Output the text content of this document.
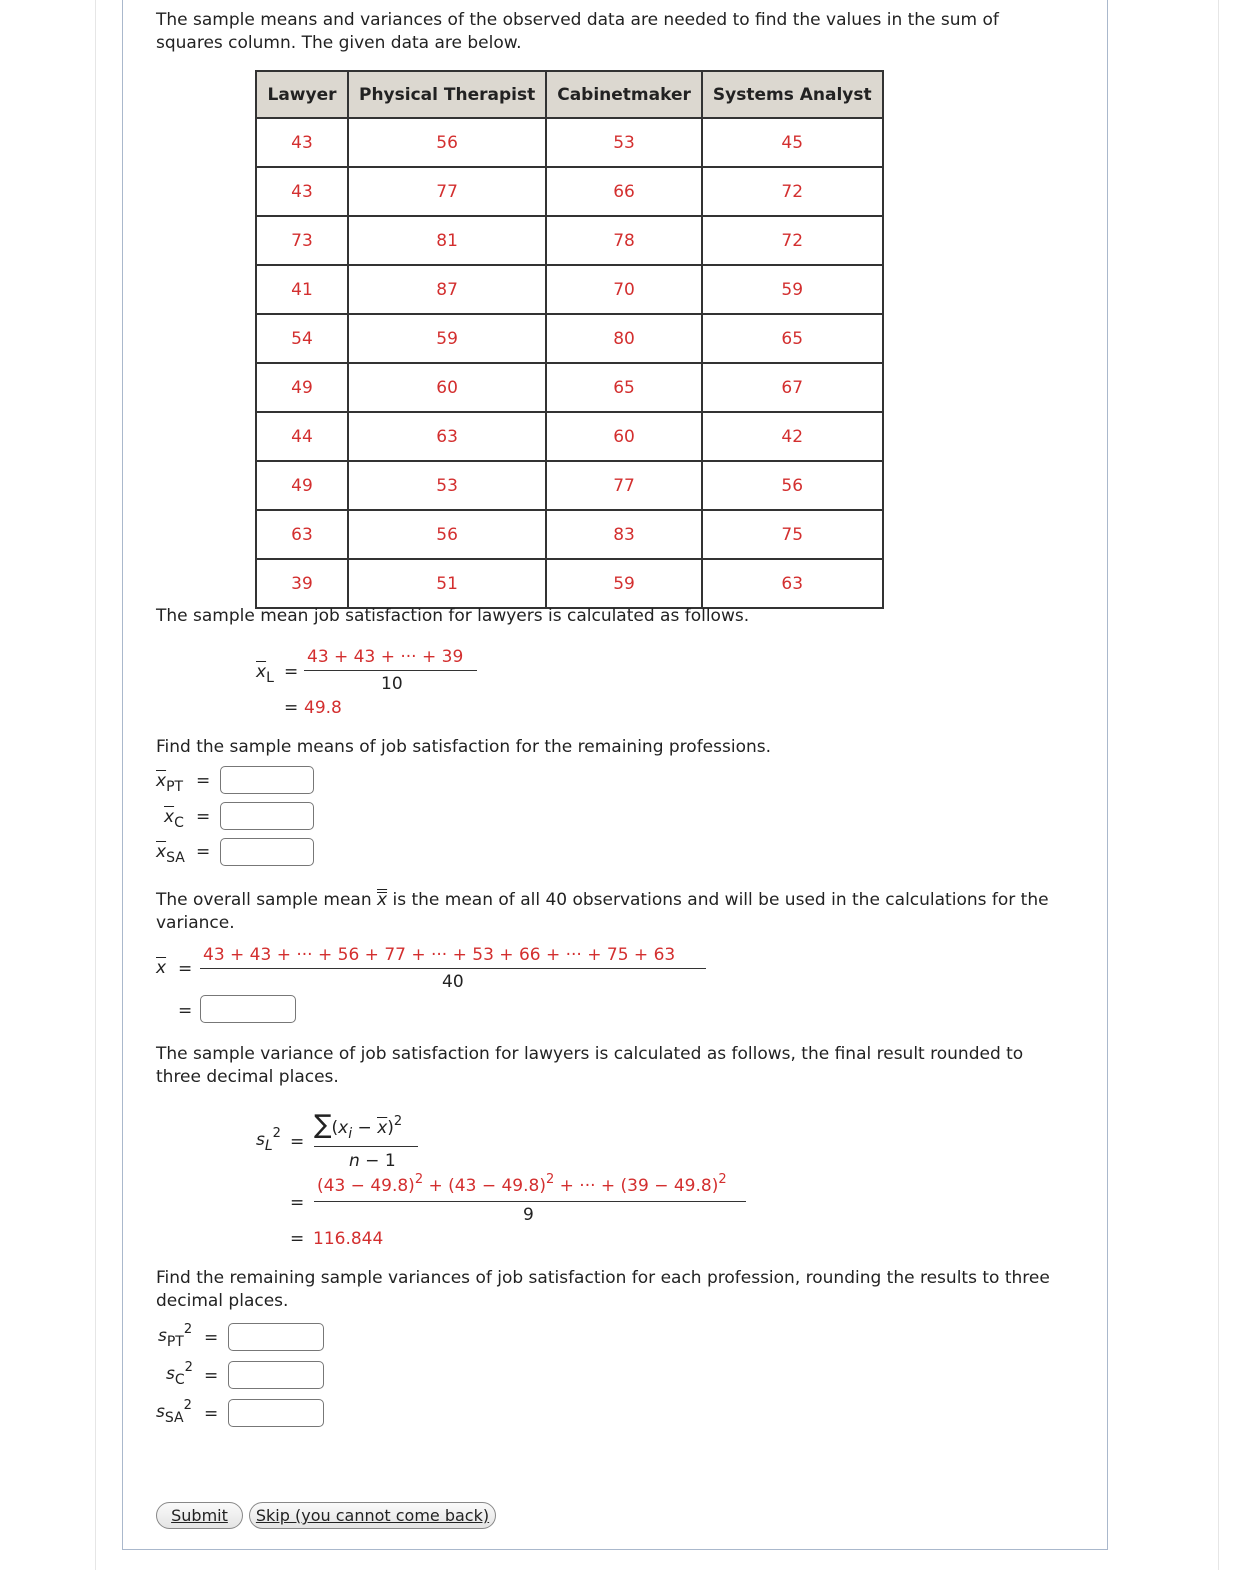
The sample means and variances of the observed data are needed to find the values in the sum of squares column. The given data are below.
Lawyer	Physical Therapist	Cabinetmaker	Systems Analyst
43	56	53	45
43	77	66	72
73	81	78	72
41	87	70	59
54	59	80	65
49	60	65	67
44	63	60	42
49	53	77	56
63	56	83	75
39	51	59	63
The sample mean job satisfaction for lawyers is calculated as follows.
$\overline{x}_L$ =
43 + 43 + ··· + 39
10
= 49.8
Find the sample means of job satisfaction for the remaining professions.
$\overline{x}_{PT}$ =
$\overline{x}_C$ =
$\overline{x}_{SA}$ =
The overall sample mean $\overline{x}$ is the mean of all 40 observations and will be used in the calculations for the variance.
$\overline{x}$ =
43 + 43 + ··· + 56 + 77 + ··· + 53 + 66 + ··· + 75 + 63
40
=
The sample variance of job satisfaction for lawyers is calculated as follows, the final result rounded to three decimal places.
$s_L^2$ =
$\sum(x_i - \overline{x})^2$
n − 1
=
$(43 - 49.8)^2 + (43 - 49.8)^2$ + ··· + $(39 - 49.8)^2$
9
= 116.844
Find the remaining sample variances of job satisfaction for each profession, rounding the results to three decimal places.
$s_{PT}^2$ =
$s_C^2$ =
$s_{SA}^2$ =
Submit	Skip (you cannot come back)
